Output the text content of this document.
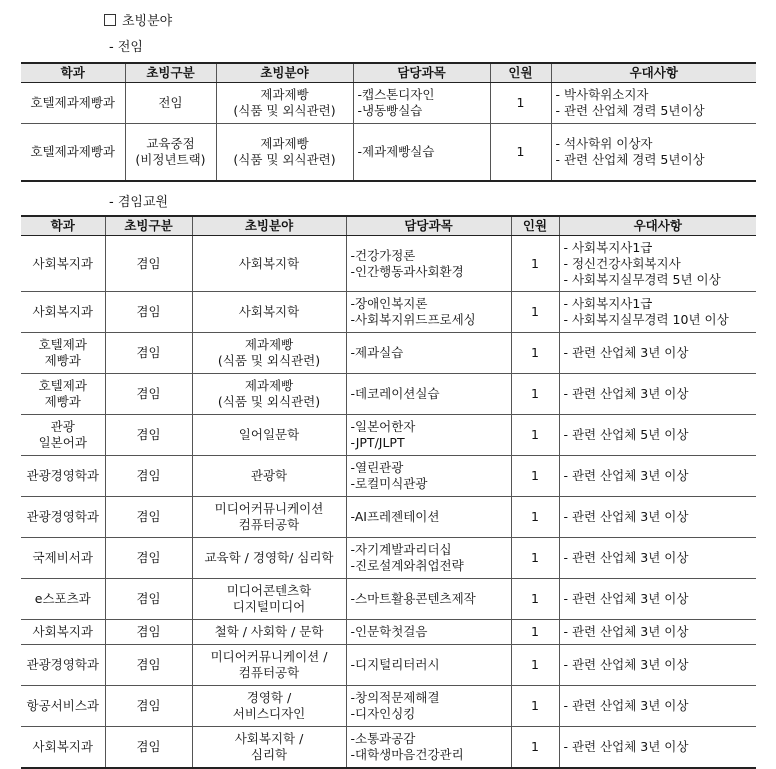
초빙분야
- 전임
학과	초빙구분	초빙분야	담당과목	인원	우대사항

호텔제과제빵과	전임	제과제빵
(식품 및 외식관련)	-캡스톤디자인
-냉동빵실습	1	- 박사학위소지자
- 관련 산업체 경력 5년이상

호텔제과제빵과	교육중점
(비정년트랙)	제과제빵
(식품 및 외식관련)	-제과제빵실습	1	- 석사학위 이상자
- 관련 산업체 경력 5년이상
- 겸임교원
학과	초빙구분	초빙분야	담당과목	인원	우대사항

사회복지과	겸임	사회복지학	-건강가정론
-인간행동과사회환경	1	- 사회복지사1급
- 정신건강사회복지사
- 사회복지실무경력 5년 이상

사회복지과	겸임	사회복지학	-장애인복지론
-사회복지위드프로세싱	1	- 사회복지사1급
- 사회복지실무경력 10년 이상

호텔제과
제빵과	겸임	제과제빵
(식품 및 외식관련)	-제과실습	1	- 관련 산업체 3년 이상

호텔제과
제빵과	겸임	제과제빵
(식품 및 외식관련)	-데코레이션실습	1	- 관련 산업체 3년 이상

관광
일본어과	겸임	일어일문학	-일본어한자
-JPT/JLPT	1	- 관련 산업체 5년 이상

관광경영학과	겸임	관광학	-열린관광
-로컬미식관광	1	- 관련 산업체 3년 이상

관광경영학과	겸임	미디어커뮤니케이션
컴퓨터공학	-AI프레젠테이션	1	- 관련 산업체 3년 이상

국제비서과	겸임	교육학 / 경영학/ 심리학	-자기계발과리더십
-진로설계와취업전략	1	- 관련 산업체 3년 이상

e스포츠과	겸임	미디어콘텐츠학
디지털미디어	-스마트활용콘텐츠제작	1	- 관련 산업체 3년 이상

사회복지과	겸임	철학 / 사회학 / 문학	-인문학첫걸음	1	- 관련 산업체 3년 이상

관광경영학과	겸임	미디어커뮤니케이션 /
컴퓨터공학	-디지털리터러시	1	- 관련 산업체 3년 이상

항공서비스과	겸임	경영학 /
서비스디자인	-창의적문제해결
-디자인싱킹	1	- 관련 산업체 3년 이상

사회복지과	겸임	사회복지학 /
심리학	-소통과공감
-대학생마음건강관리	1	- 관련 산업체 3년 이상
